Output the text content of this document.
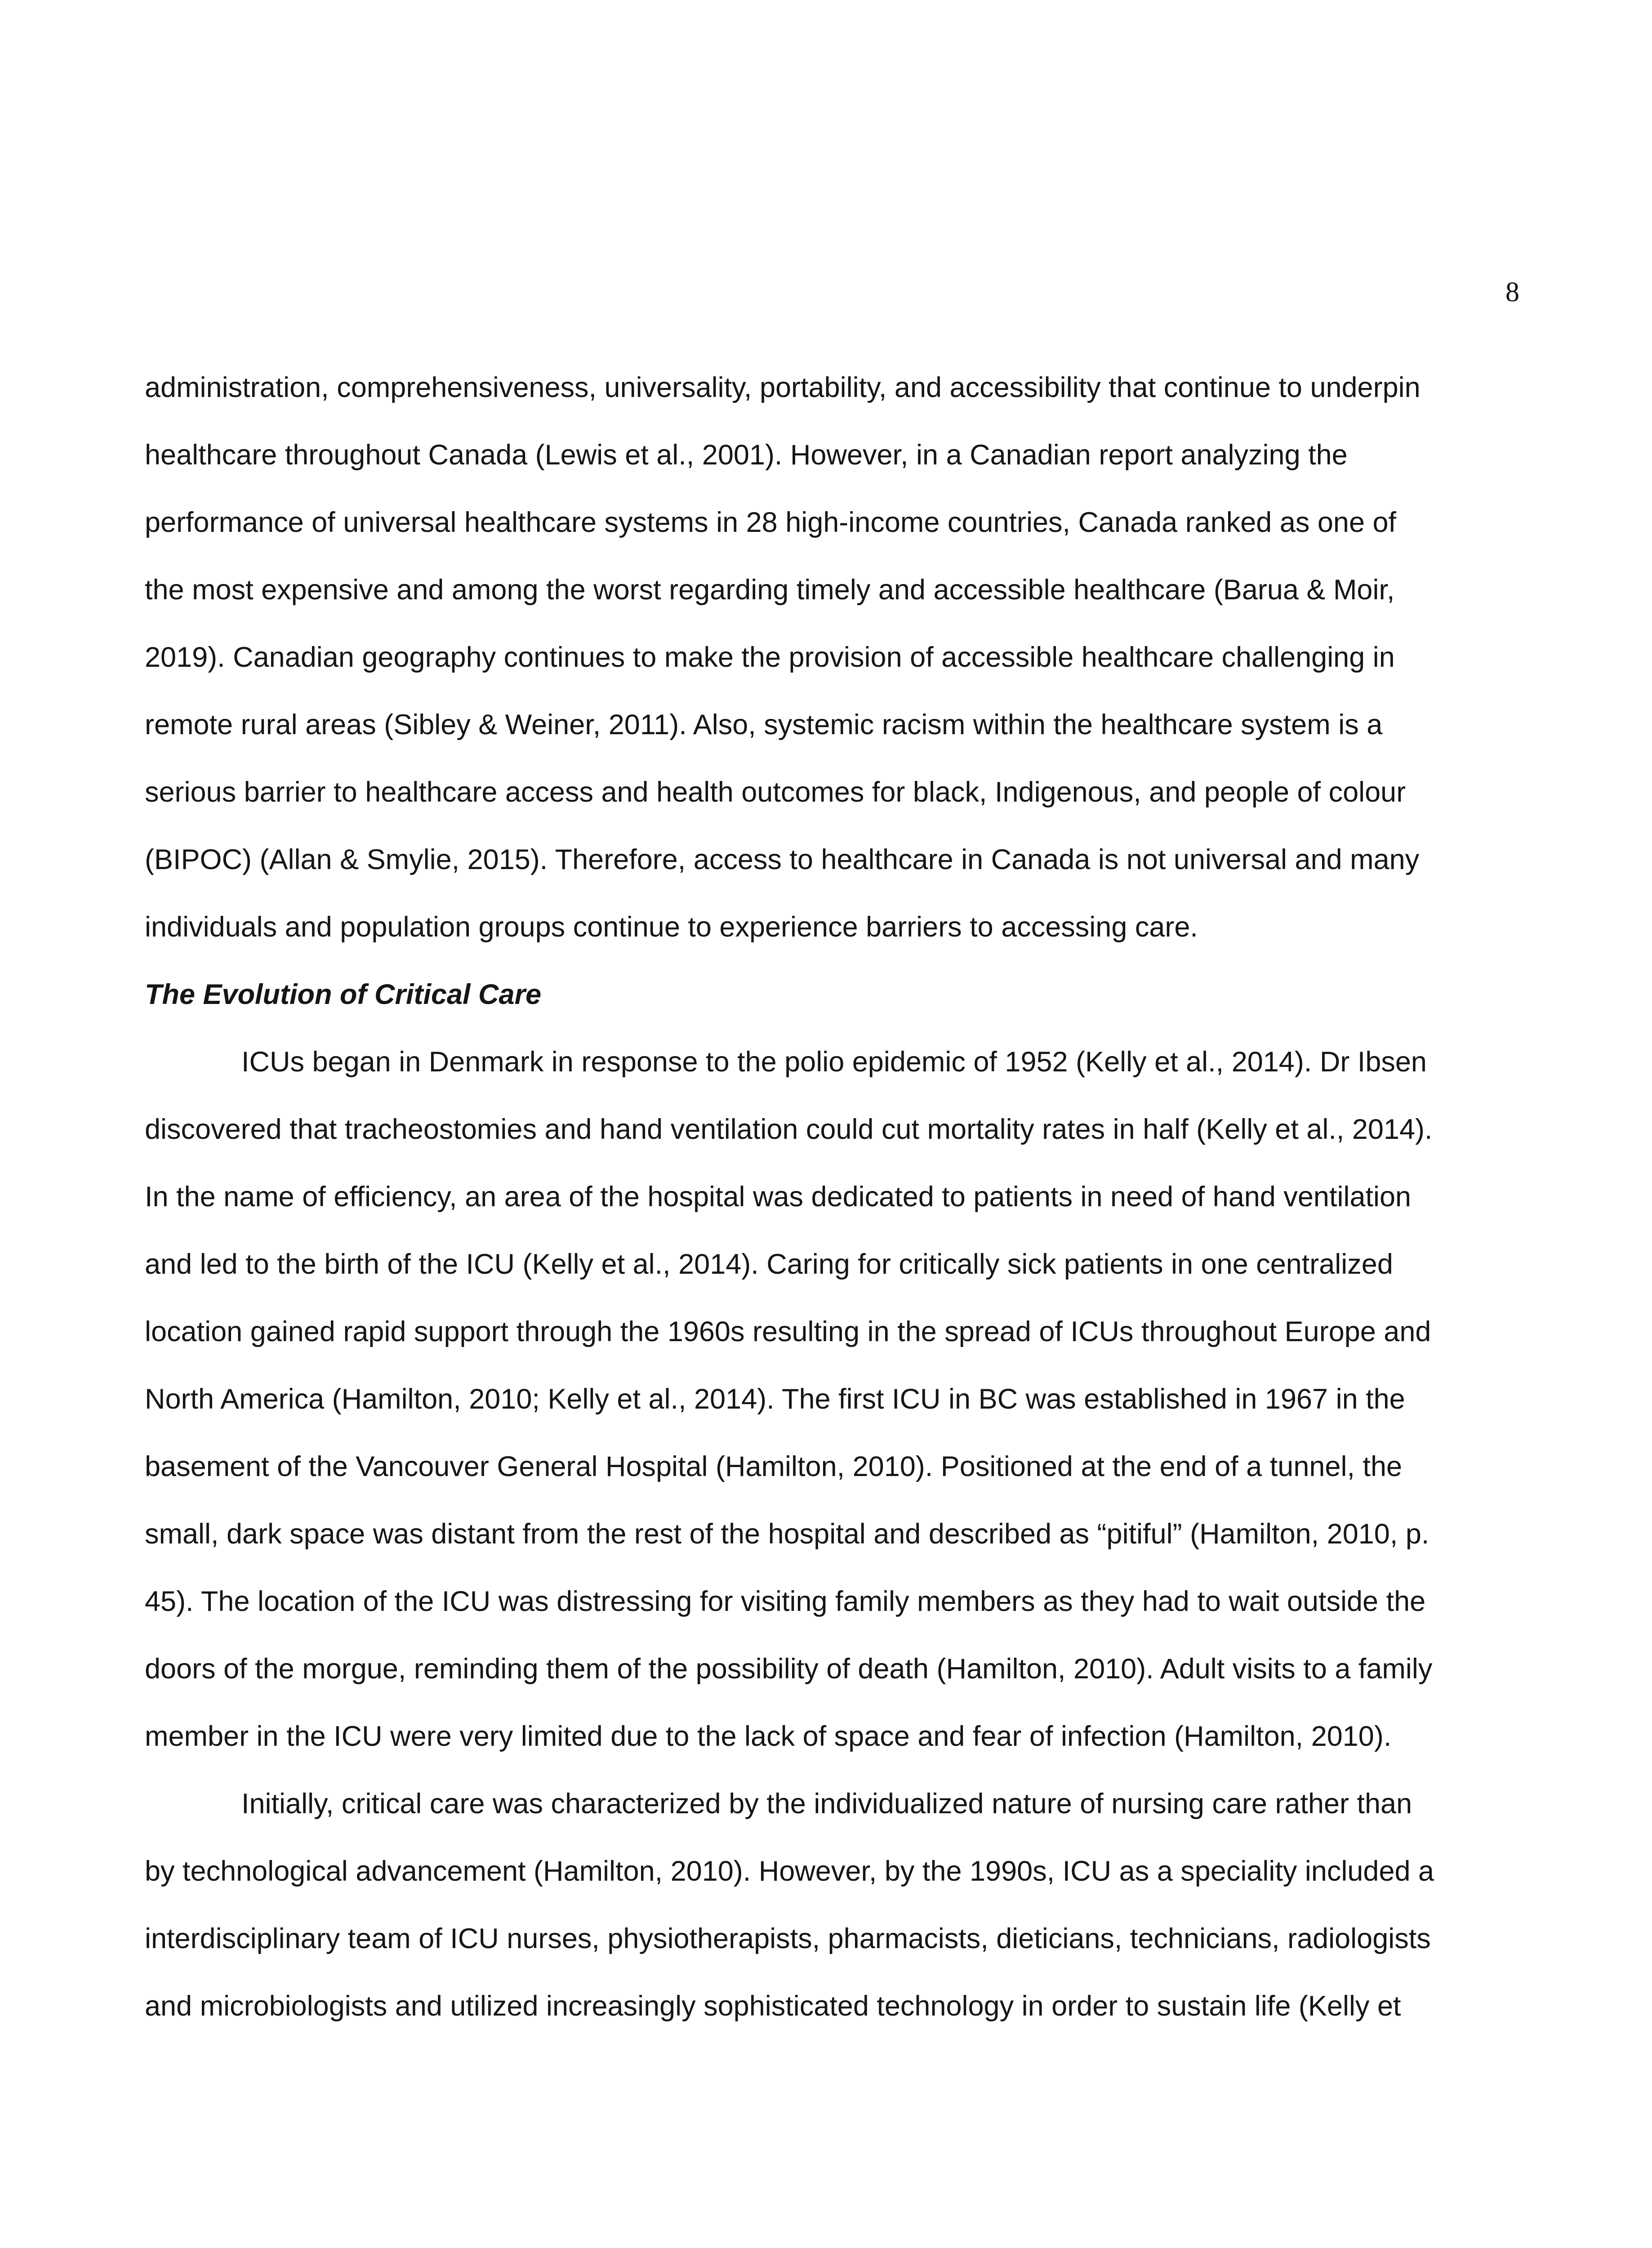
8
administration, comprehensiveness, universality, portability, and accessibility that continue to underpin
healthcare throughout Canada (Lewis et al., 2001). However, in a Canadian report analyzing the
performance of universal healthcare systems in 28 high-income countries, Canada ranked as one of
the most expensive and among the worst regarding timely and accessible healthcare (Barua & Moir,
2019). Canadian geography continues to make the provision of accessible healthcare challenging in
remote rural areas (Sibley & Weiner, 2011). Also, systemic racism within the healthcare system is a
serious barrier to healthcare access and health outcomes for black, Indigenous, and people of colour
(BIPOC) (Allan & Smylie, 2015). Therefore, access to healthcare in Canada is not universal and many
individuals and population groups continue to experience barriers to accessing care.
The Evolution of Critical Care
ICUs began in Denmark in response to the polio epidemic of 1952 (Kelly et al., 2014). Dr Ibsen
discovered that tracheostomies and hand ventilation could cut mortality rates in half (Kelly et al., 2014).
In the name of efficiency, an area of the hospital was dedicated to patients in need of hand ventilation
and led to the birth of the ICU (Kelly et al., 2014). Caring for critically sick patients in one centralized
location gained rapid support through the 1960s resulting in the spread of ICUs throughout Europe and
North America (Hamilton, 2010; Kelly et al., 2014). The first ICU in BC was established in 1967 in the
basement of the Vancouver General Hospital (Hamilton, 2010). Positioned at the end of a tunnel, the
small, dark space was distant from the rest of the hospital and described as “pitiful” (Hamilton, 2010, p.
45). The location of the ICU was distressing for visiting family members as they had to wait outside the
doors of the morgue, reminding them of the possibility of death (Hamilton, 2010). Adult visits to a family
member in the ICU were very limited due to the lack of space and fear of infection (Hamilton, 2010).
Initially, critical care was characterized by the individualized nature of nursing care rather than
by technological advancement (Hamilton, 2010). However, by the 1990s, ICU as a speciality included a
interdisciplinary team of ICU nurses, physiotherapists, pharmacists, dieticians, technicians, radiologists
and microbiologists and utilized increasingly sophisticated technology in order to sustain life (Kelly et
